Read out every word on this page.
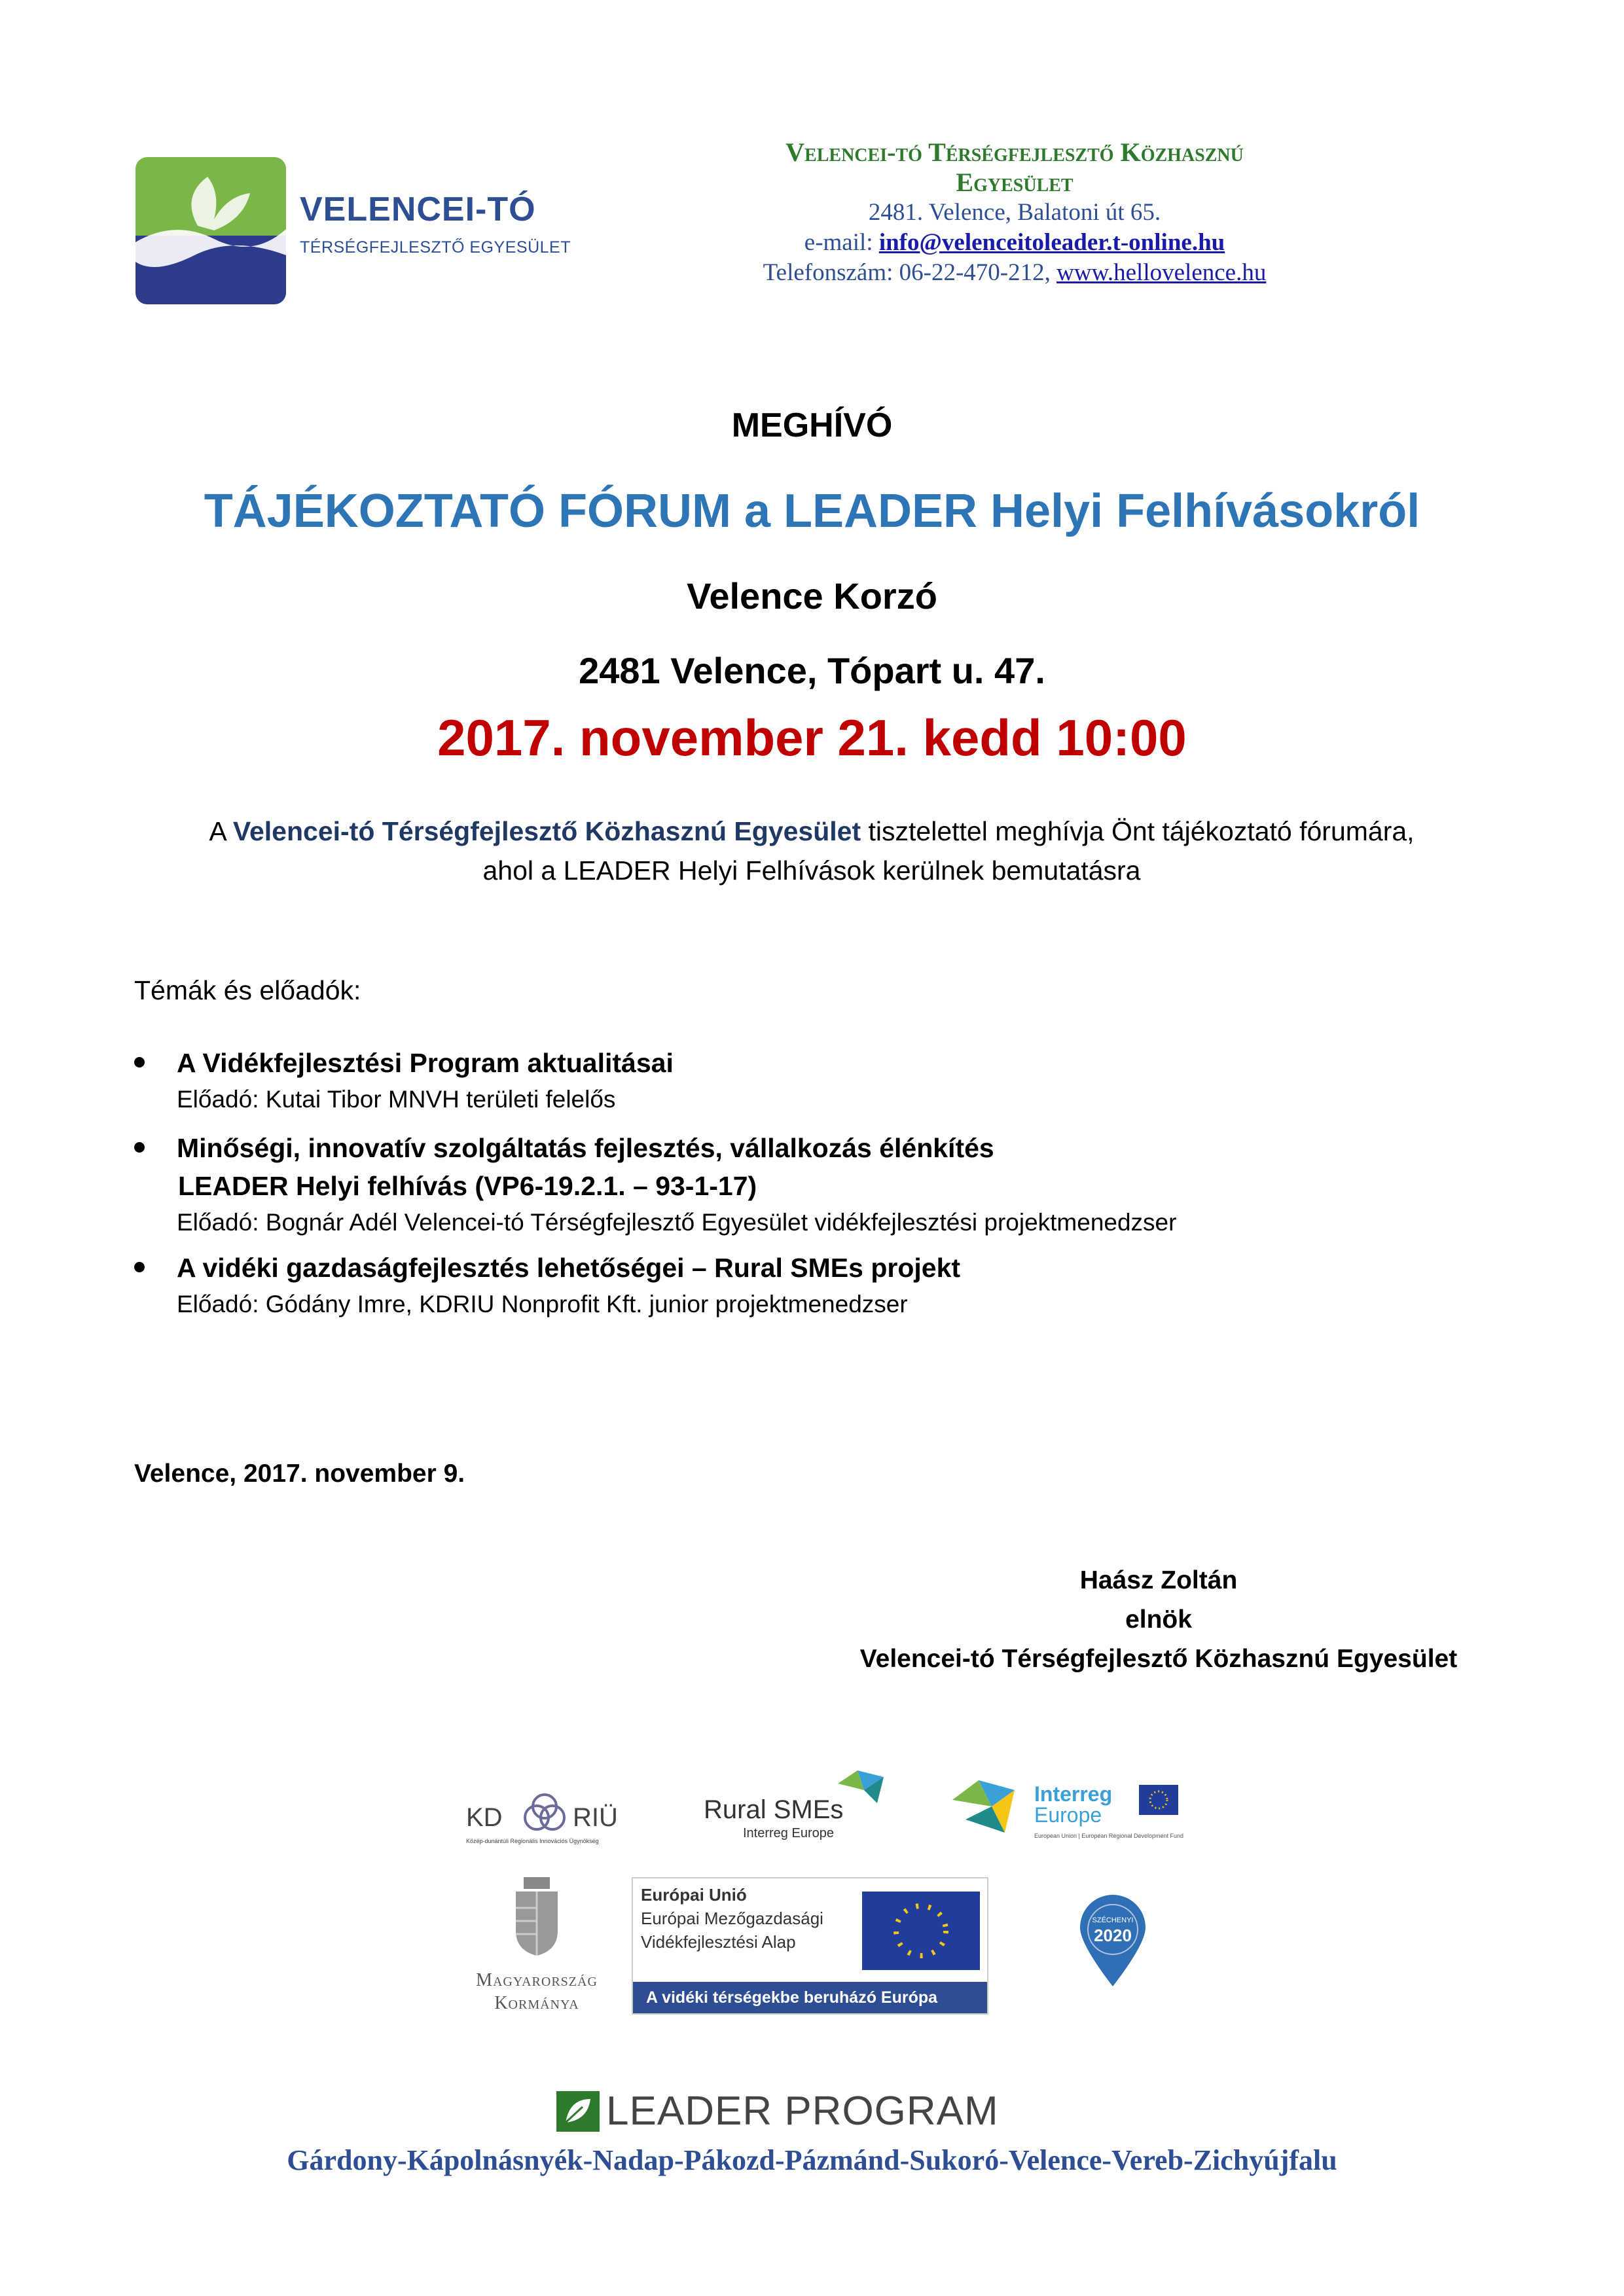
VELENCEI-TÓ
TÉRSÉGFEJLESZTŐ EGYESÜLET
Velencei-tó Térségfejlesztő Közhasznú
Egyesület
2481. Velence, Balatoni út 65.
e-mail: info@velenceitoleader.t-online.hu
Telefonszám: 06-22-470-212, www.hellovelence.hu
MEGHÍVÓ
TÁJÉKOZTATÓ FÓRUM a LEADER Helyi Felhívásokról
Velence Korzó
2481 Velence, Tópart u. 47.
2017. november 21. kedd 10:00
A Velencei-tó Térségfejlesztő Közhasznú Egyesület tisztelettel meghívja Önt tájékoztató fórumára,
ahol a LEADER Helyi Felhívások kerülnek bemutatásra
Témák és előadók:
A Vidékfejlesztési Program aktualitásai
Előadó: Kutai Tibor MNVH területi felelős
Minőségi, innovatív szolgáltatás fejlesztés, vállalkozás élénkítés
LEADER Helyi felhívás (VP6-19.2.1. – 93-1-17)
Előadó: Bognár Adél Velencei-tó Térségfejlesztő Egyesület vidékfejlesztési projektmenedzser
A vidéki gazdaságfejlesztés lehetőségei – Rural SMEs projekt
Előadó: Gódány Imre, KDRIU Nonprofit Kft. junior projektmenedzser
Velence, 2017. november 9.
Haász Zoltán
elnök
Velencei-tó Térségfejlesztő Közhasznú Egyesület
KD	RIÜ
Közép-dunántúli Regionális Innovációs Ügynökség
Rural SMEs
Interreg Europe
Interreg
Europe
European Union | European Regional Development Fund
Magyarország
Kormánya
Európai Unió
Európai Mezőgazdasági
Vidékfejlesztési Alap
A vidéki térségekbe beruházó Európa
SZÉCHENYI
2020
LEADER PROGRAM
Gárdony-Kápolnásnyék-Nadap-Pákozd-Pázmánd-Sukoró-Velence-Vereb-Zichyújfalu
